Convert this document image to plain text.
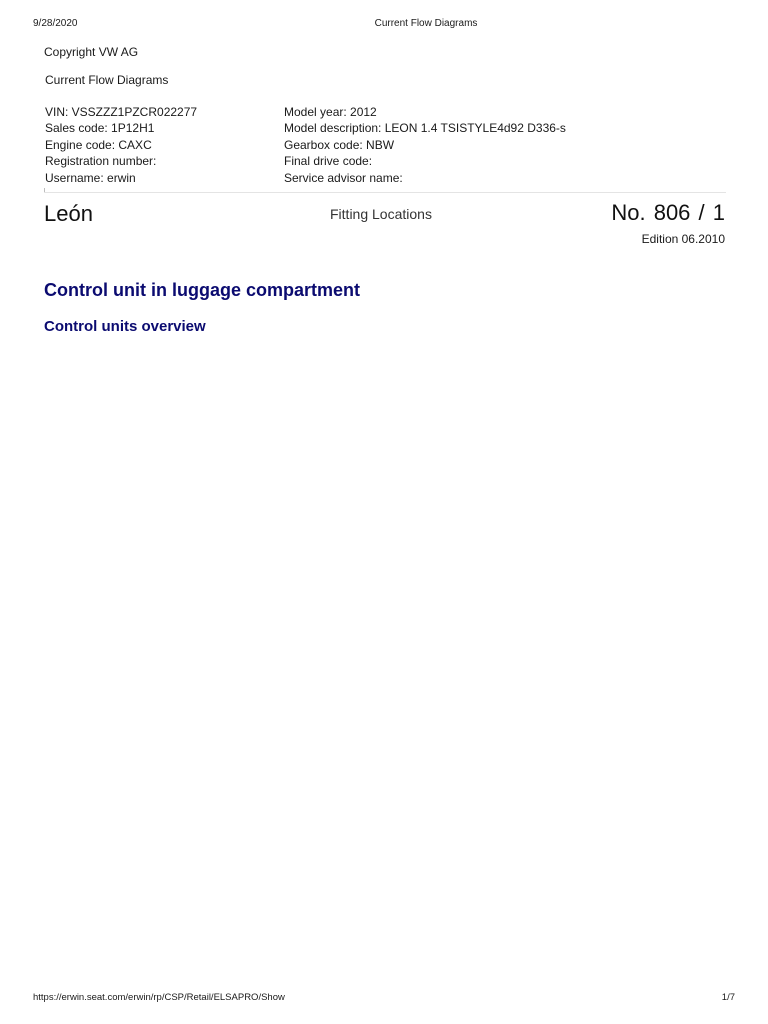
9/28/2020	Current Flow Diagrams
Copyright VW AG
Current Flow Diagrams
VIN: VSSZZZ1PZCR022277
Sales code: 1P12H1
Engine code: CAXC
Registration number:
Username: erwin
Model year: 2012
Model description: LEON 1.4 TSISTYLE4d92 D336-s
Gearbox code: NBW
Final drive code:
Service advisor name:
León	Fitting Locations	No. 806 / 1
Edition 06.2010
Control unit in luggage compartment
Control units overview
https://erwin.seat.com/erwin/rp/CSP/Retail/ELSAPRO/Show	1/7
